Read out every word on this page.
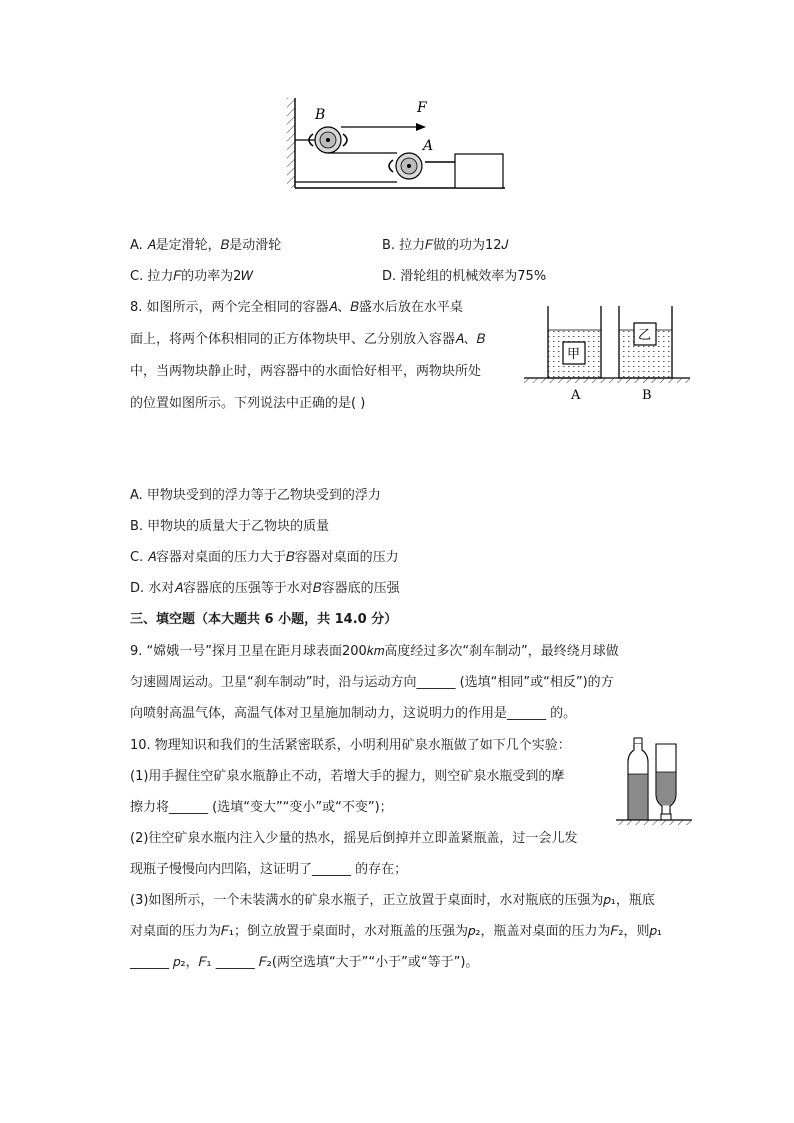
B	F
A
A. 𝐴是定滑轮，𝐵是动滑轮	B. 拉力𝐹做的功为12𝐽
C. 拉力𝐹的功率为2𝑊	D. 滑轮组的机械效率为75%
8. 如图所示，两个完全相同的容器𝐴、𝐵盛水后放在水平桌
面上，将两个体积相同的正方体物块甲、乙分别放入容器𝐴、𝐵
中，当两物块静止时，两容器中的水面恰好相平，两物块所处
的位置如图所示。下列说法中正确的是( )
甲
乙
A	B
A. 甲物块受到的浮力等于乙物块受到的浮力
B. 甲物块的质量大于乙物块的质量
C. 𝐴容器对桌面的压力大于𝐵容器对桌面的压力
D. 水对𝐴容器底的压强等于水对𝐵容器底的压强
三、填空题（本大题共 6 小题，共 14.0 分）
9. “嫦娥一号”探月卫星在距月球表面200𝑘𝑚高度经过多次“刹车制动”，最终绕月球做
匀速圆周运动。卫星“刹车制动”时，沿与运动方向______ (选填“相同”或“相反”)的方
向喷射高温气体，高温气体对卫星施加制动力，这说明力的作用是______ 的。
10. 物理知识和我们的生活紧密联系，小明利用矿泉水瓶做了如下几个实验：
(1)用手握住空矿泉水瓶静止不动，若增大手的握力，则空矿泉水瓶受到的摩
擦力将______ (选填“变大”“变小”或“不变”)；
(2)往空矿泉水瓶内注入少量的热水，摇晃后倒掉并立即盖紧瓶盖，过一会儿发
现瓶子慢慢向内凹陷，这证明了______ 的存在；
(3)如图所示，一个未装满水的矿泉水瓶子，正立放置于桌面时，水对瓶底的压强为𝑝₁，瓶底
对桌面的压力为𝐹₁；倒立放置于桌面时，水对瓶盖的压强为𝑝₂，瓶盖对桌面的压力为𝐹₂，则𝑝₁
______ 𝑝₂，𝐹₁ ______ 𝐹₂(两空选填“大于”“小于”或“等于”)。
